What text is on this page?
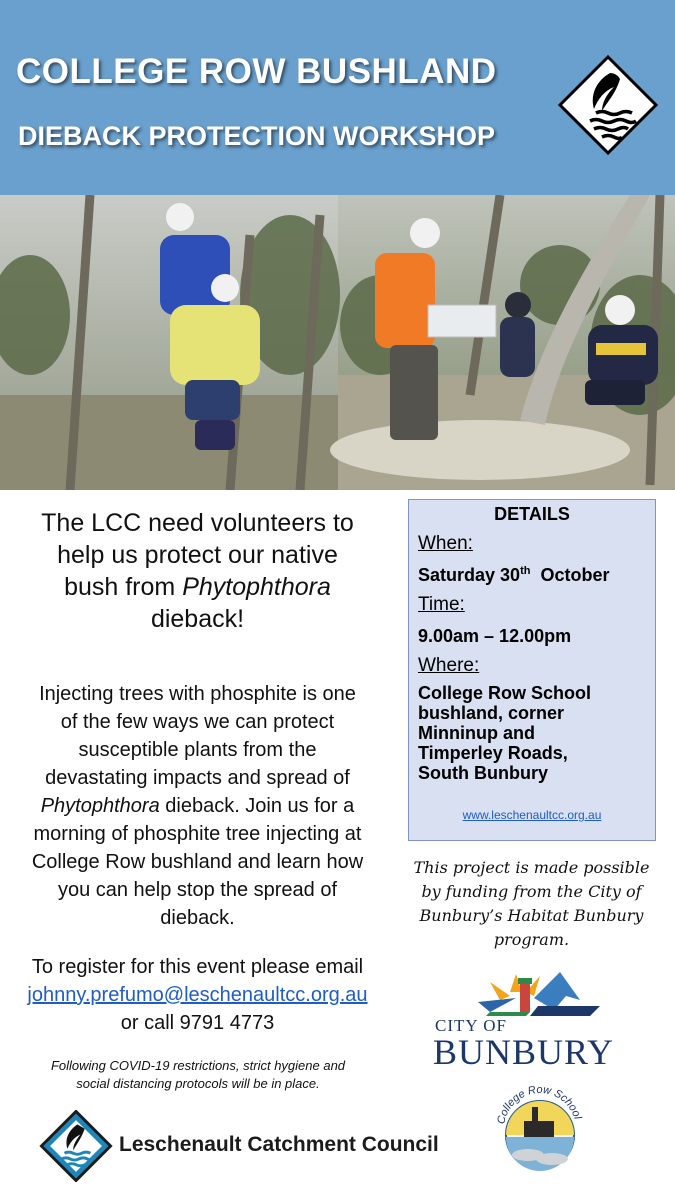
COLLEGE ROW BUSHLAND
DIEBACK PROTECTION WORKSHOP
The LCC need volunteers to
help us protect our native
bush from Phytophthora
dieback!
Injecting trees with phosphite is one
of the few ways we can protect
susceptible plants from the
devastating impacts and spread of
Phytophthora dieback. Join us for a
morning of phosphite tree injecting at
College Row bushland and learn how
you can help stop the spread of
dieback.
To register for this event please email
johnny.prefumo@leschenaultcc.org.au
or call 9791 4773
Following COVID-19 restrictions, strict hygiene and
social distancing protocols will be in place.
DETAILS
When:
Saturday 30th  October
Time:
9.00am – 12.00pm
Where:
College Row School
bushland, corner
Minninup and
Timperley Roads,
South Bunbury
www.leschenaultcc.org.au
This project is made possible
by funding from the City of
Bunbury’s Habitat Bunbury
program.
CITY OF
BUNBURY
College Row School
Leschenault Catchment Council
